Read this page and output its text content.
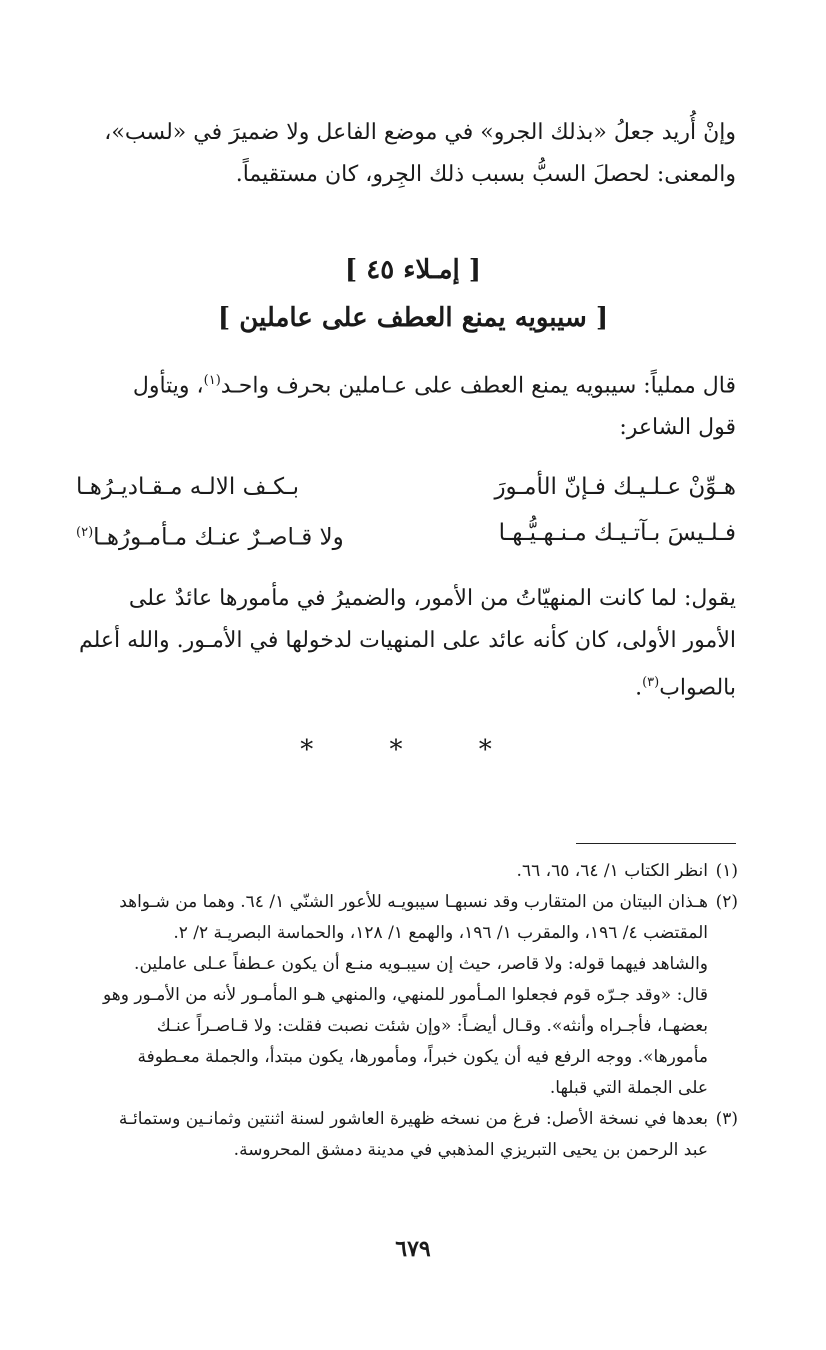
وإنْ أُريد جعلُ «بذلك الجرو» في موضع الفاعل ولا ضميرَ في «لسب»،
والمعنى: لحصلَ السبُّ بسبب ذلك الجِرو، كان مستقيماً.
[ إمـلاء ٤٥ ]
[ سيبويه يمنع العطف على عاملين ]
قال مملياً: سيبويه يمنع العطف على عـاملين بحرف واحـد$^{(١)}$، ويتأول
قول الشاعر:
هـوِّنْ عـلـيـك فـإنّ الأمـورَ
بـكـف الالـه مـقـاديـرُهـا
فـلـيسَ بـآتـيـك مـنـهـيُّـهـا
ولا قـاصـرٌ عنـك مـأمـورُهـا$^{(٢)}$
يقول: لما كانت المنهيّاتُ من الأمور، والضميرُ في مأمورها عائدٌ على
الأمور الأولى، كان كأنه عائد على المنهيات لدخولها في الأمـور. والله أعلم
بالصواب$^{(٣)}$.
* * *
(١)
انظر الكتاب ١/ ٦٤، ٦٥، ٦٦.
(٢)
هـذان البيتان من المتقارب وقد نسبهـا سيبويـه للأعور الشنّي ١/ ٦٤. وهما من شـواهد
المقتضب ٤/ ١٩٦، والمقرب ١/ ١٩٦، والهمع ١/ ١٢٨، والحماسة البصريـة ٢/ ٢.
والشاهد فيهما قوله: ولا قاصر، حيث إن سيبـويه منـع أن يكون عـطفاً عـلى عاملين.
قال: «وقد جـرّه قوم فجعلوا المـأمور للمنهي، والمنهي هـو المأمـور لأنه من الأمـور وهو
بعضهـا، فأجـراه وأنثه». وقـال أيضـاً: «وإن شئت نصبت فقلت: ولا قـاصـراً عنـك
مأمورها». ووجه الرفع فيه أن يكون خبراً، ومأمورها، يكون مبتدأ، والجملة معـطوفة
على الجملة التي قبلها.
(٣)
بعدها في نسخة الأصل: فرغ من نسخه ظهيرة العاشور لسنة اثنتين وثمانـين وستمائـة
عبد الرحمن بن يحيى التبريزي المذهبي في مدينة دمشق المحروسة.
٦٧٩
